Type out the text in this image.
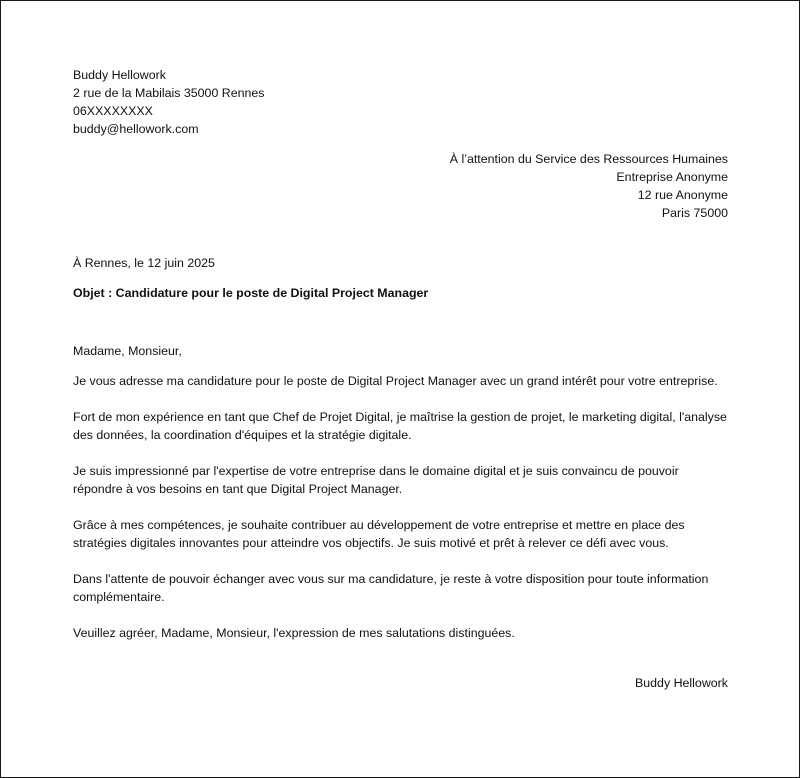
Buddy Hellowork
2 rue de la Mabilais 35000 Rennes
06XXXXXXXX
buddy@hellowork.com
À l’attention du Service des Ressources Humaines
Entreprise Anonyme
12 rue Anonyme
Paris 75000
À Rennes, le 12 juin 2025
Objet : Candidature pour le poste de Digital Project Manager
Madame, Monsieur,
Je vous adresse ma candidature pour le poste de Digital Project Manager avec un grand intérêt pour votre entreprise.
Fort de mon expérience en tant que Chef de Projet Digital, je maîtrise la gestion de projet, le marketing digital, l'analyse des données, la coordination d'équipes et la stratégie digitale.
Je suis impressionné par l'expertise de votre entreprise dans le domaine digital et je suis convaincu de pouvoir répondre à vos besoins en tant que Digital Project Manager.
Grâce à mes compétences, je souhaite contribuer au développement de votre entreprise et mettre en place des stratégies digitales innovantes pour atteindre vos objectifs. Je suis motivé et prêt à relever ce défi avec vous.
Dans l'attente de pouvoir échanger avec vous sur ma candidature, je reste à votre disposition pour toute information complémentaire.
Veuillez agréer, Madame, Monsieur, l'expression de mes salutations distinguées.
Buddy Hellowork
